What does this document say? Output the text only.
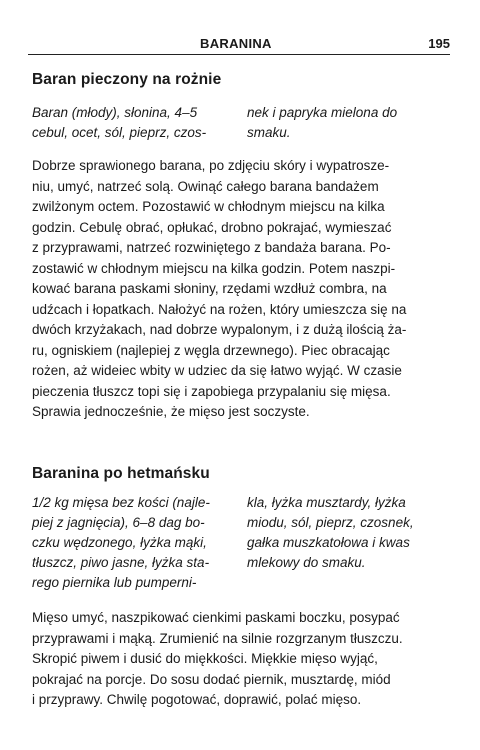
BARANINA	195
Baran pieczony na rożnie
Baran (młody), słonina, 4–5
cebul, ocet, sól, pieprz, czos-
nek i papryka mielona do
smaku.
Dobrze sprawionego barana, po zdjęciu skóry i wypatrosze-
niu, umyć, natrzeć solą. Owinąć całego barana bandażem
zwilżonym octem. Pozostawić w chłodnym miejscu na kilka
godzin. Cebulę obrać, opłukać, drobno pokrajać, wymieszać
z przyprawami, natrzeć rozwiniętego z bandaża barana. Po-
zostawić w chłodnym miejscu na kilka godzin. Potem naszpi-
kować barana paskami słoniny, rzędami wzdłuż combra, na
udźcach i łopatkach. Nałożyć na rożen, który umieszcza się na
dwóch krzyżakach, nad dobrze wypalonym, i z dużą ilością ża-
ru, ogniskiem (najlepiej z węgla drzewnego). Piec obracając
rożen, aż wideiec wbity w udziec da się łatwo wyjąć. W czasie
pieczenia tłuszcz topi się i zapobiega przypalaniu się mięsa.
Sprawia jednocześnie, że mięso jest soczyste.
Baranina po hetmańsku
1/2 kg mięsa bez kości (najle-
piej z jagnięcia), 6–8 dag bo-
czku wędzonego, łyżka mąki,
tłuszcz, piwo jasne, łyżka sta-
rego piernika lub pumperni-
kla, łyżka musztardy, łyżka
miodu, sól, pieprz, czosnek,
gałka muszkatołowa i kwas
mlekowy do smaku.
Mięso umyć, naszpikować cienkimi paskami boczku, posypać
przyprawami i mąką. Zrumienić na silnie rozgrzanym tłuszczu.
Skropić piwem i dusić do miękkości. Miękkie mięso wyjąć,
pokrajać na porcje. Do sosu dodać piernik, musztardę, miód
i przyprawy. Chwilę pogotować, doprawić, polać mięso.
